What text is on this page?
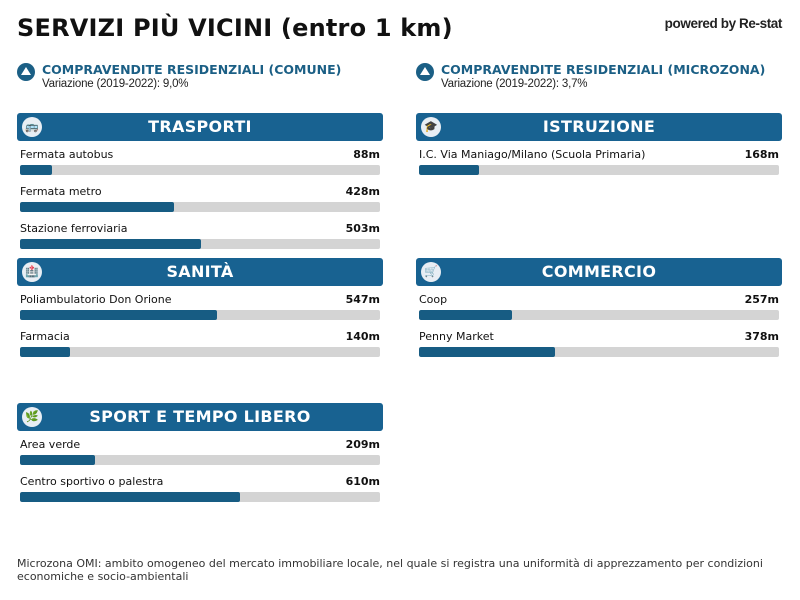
SERVIZI PIÙ VICINI (entro 1 km)	powered by Re-stat
COMPRAVENDITE RESIDENZIALI (COMUNE)
Variazione (2019-2022): 9,0%
COMPRAVENDITE RESIDENZIALI (MICROZONA)
Variazione (2019-2022): 3,7%
🚌	TRASPORTI
Fermata autobus	88m
Fermata metro	428m
Stazione ferroviaria	503m
🎓	ISTRUZIONE
I.C. Via Maniago/Milano (Scuola Primaria)	168m
🏥	SANITÀ
Poliambulatorio Don Orione	547m
Farmacia	140m
🛒	COMMERCIO
Coop	257m
Penny Market	378m
🌿	SPORT E TEMPO LIBERO
Area verde	209m
Centro sportivo o palestra	610m
Microzona OMI: ambito omogeneo del mercato immobiliare locale, nel quale si registra una uniformità di apprezzamento per condizioni economiche e socio-ambientali
